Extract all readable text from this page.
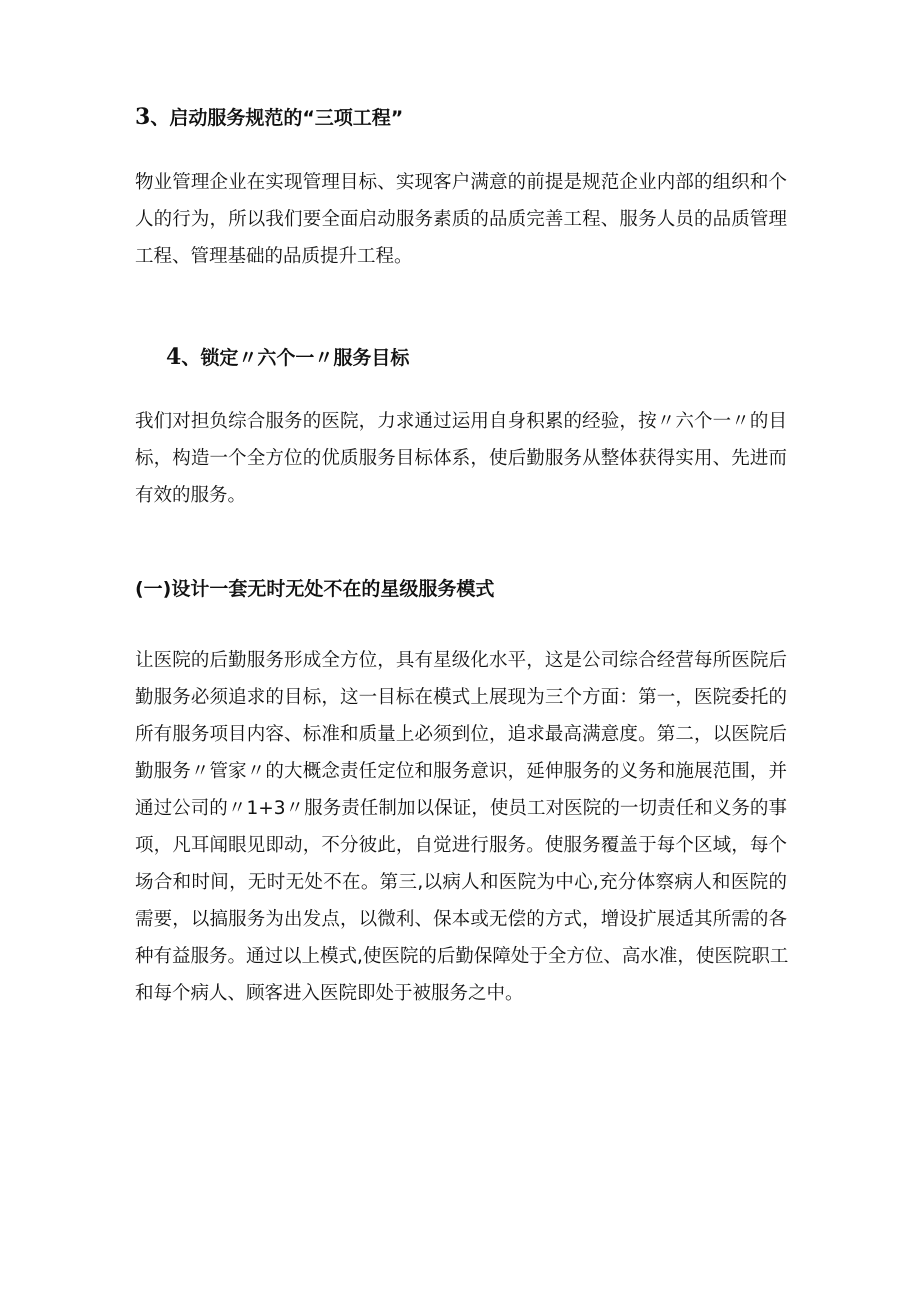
3、启动服务规范的“三项工程”
物业管理企业在实现管理目标、实现客户满意的前提是规范企业内部的组织和个
人的行为，所以我们要全面启动服务素质的品质完善工程、服务人员的品质管理
工程、管理基础的品质提升工程。
4、锁定〃六个一〃服务目标
我们对担负综合服务的医院，力求通过运用自身积累的经验，按〃六个一〃的目
标，构造一个全方位的优质服务目标体系，使后勤服务从整体获得实用、先进而
有效的服务。
(一)设计一套无时无处不在的星级服务模式
让医院的后勤服务形成全方位，具有星级化水平，这是公司综合经营每所医院后
勤服务必须追求的目标，这一目标在模式上展现为三个方面：第一，医院委托的
所有服务项目内容、标准和质量上必须到位，追求最高满意度。第二，以医院后
勤服务〃管家〃的大概念责任定位和服务意识，延伸服务的义务和施展范围，并
通过公司的〃1+3〃服务责任制加以保证，使员工对医院的一切责任和义务的事
项，凡耳闻眼见即动，不分彼此，自觉进行服务。使服务覆盖于每个区域，每个
场合和时间，无时无处不在。第三,以病人和医院为中心,充分体察病人和医院的
需要，以搞服务为出发点，以微利、保本或无偿的方式，增设扩展适其所需的各
种有益服务。通过以上模式,使医院的后勤保障处于全方位、高水准，使医院职工
和每个病人、顾客进入医院即处于被服务之中。
